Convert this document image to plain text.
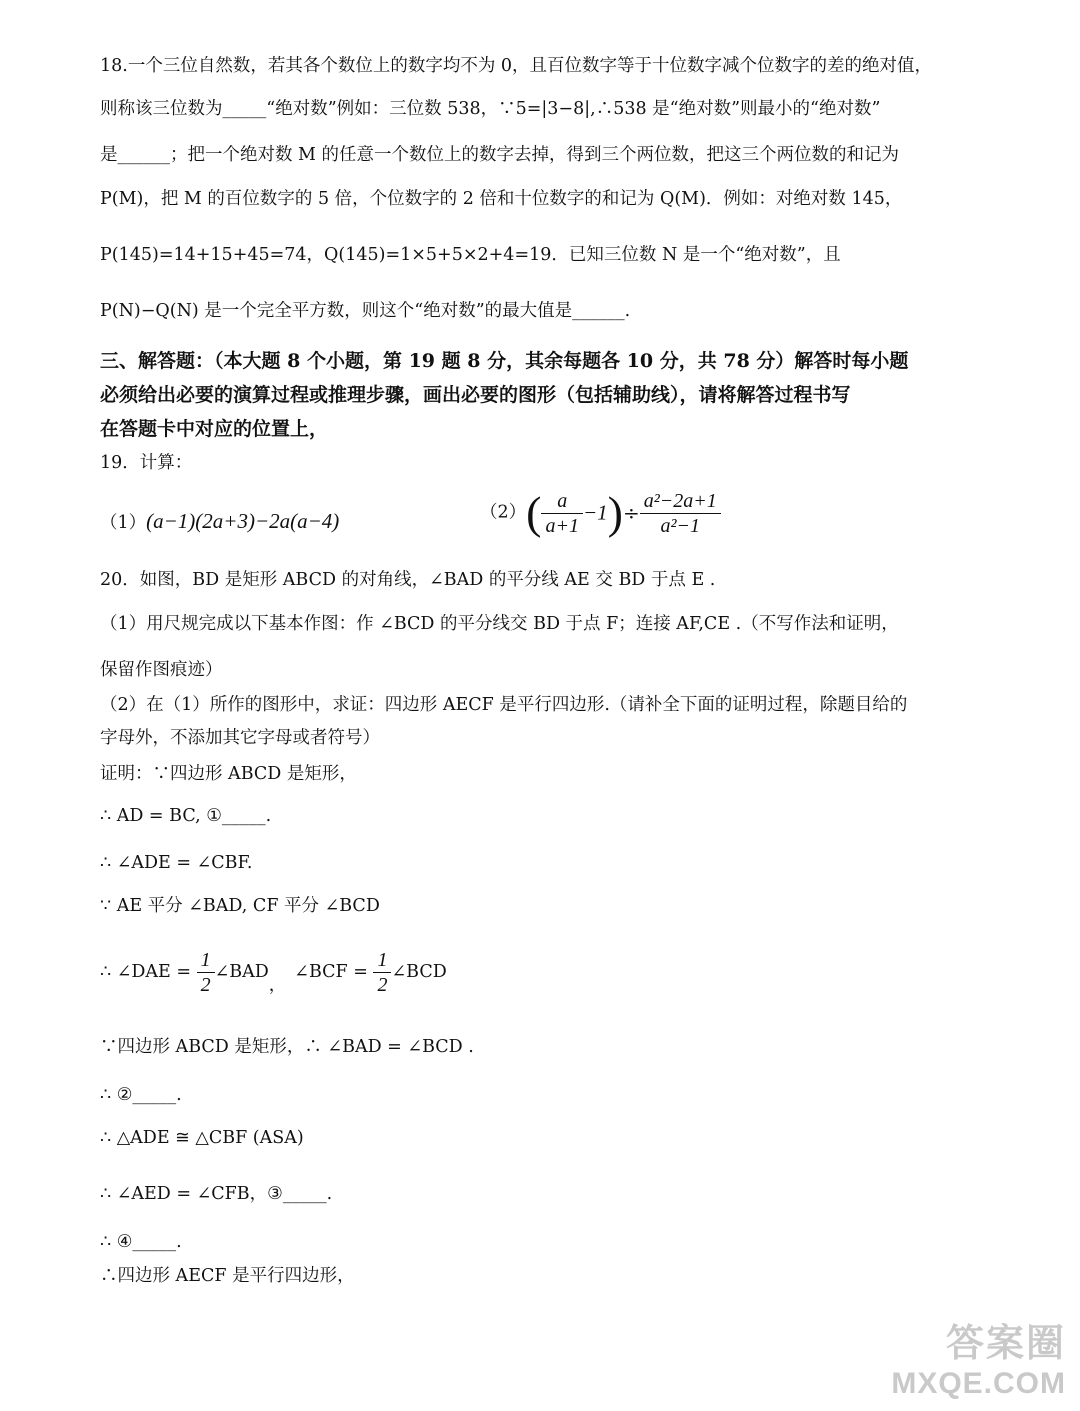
18.一个三位自然数，若其各个数位上的数字均不为 0，且百位数字等于十位数字减个位数字的差的绝对值，
则称该三位数为_____“绝对数”例如：三位数 538，∵5=|3−8|,∴538 是“绝对数”则最小的“绝对数”
是______；把一个绝对数 M 的任意一个数位上的数字去掉，得到三个两位数，把这三个两位数的和记为
P(M)，把 M 的百位数字的 5 倍，个位数字的 2 倍和十位数字的和记为 Q(M)．例如：对绝对数 145，
P(145)=14+15+45=74，Q(145)=1×5+5×2+4=19．已知三位数 N 是一个“绝对数”，且
P(N)−Q(N) 是一个完全平方数，则这个“绝对数”的最大值是______.
三、解答题：（本大题 8 个小题，第 19 题 8 分，其余每题各 10 分，共 78 分）解答时每小题
必须给出必要的演算过程或推理步骤，画出必要的图形（包括辅助线），请将解答过程书写
在答题卡中对应的位置上，
19．计算：
（1）(a−1)(2a+3)−2a(a−4)	$(2)( \frac{a}{a+1} -1)\div \frac{\text{a²−2a+1}}{\text{a²−1}}$
20．如图，BD 是矩形 ABCD 的对角线，∠BAD 的平分线 AE 交 BD 于点 E .
（1）用尺规完成以下基本作图：作 ∠BCD 的平分线交 BD 于点 F；连接 AF,CE .（不写作法和证明，
保留作图痕迹）
（2）在（1）所作的图形中，求证：四边形 AECF 是平行四边形.（请补全下面的证明过程，除题目给的
字母外，不添加其它字母或者符号）
证明：∵四边形 ABCD 是矩形，
∴ AD = BC, ①_____.
∴ ∠ADE = ∠CBF.
∵ AE 平分 ∠BAD, CF 平分 ∠BCD
∴ ∠DAE = $\frac{1}{2}$ ∠BAD，∠BCF = $\frac{1}{2}$ ∠BCD
∵四边形 ABCD 是矩形，∴ ∠BAD = ∠BCD .
∴ ②_____.
∴ △ADE ≅ △CBF (ASA)
∴ ∠AED = ∠CFB，③_____.
∴ ④_____.
∴四边形 AECF 是平行四边形，
答案圈
MXQE.COM
